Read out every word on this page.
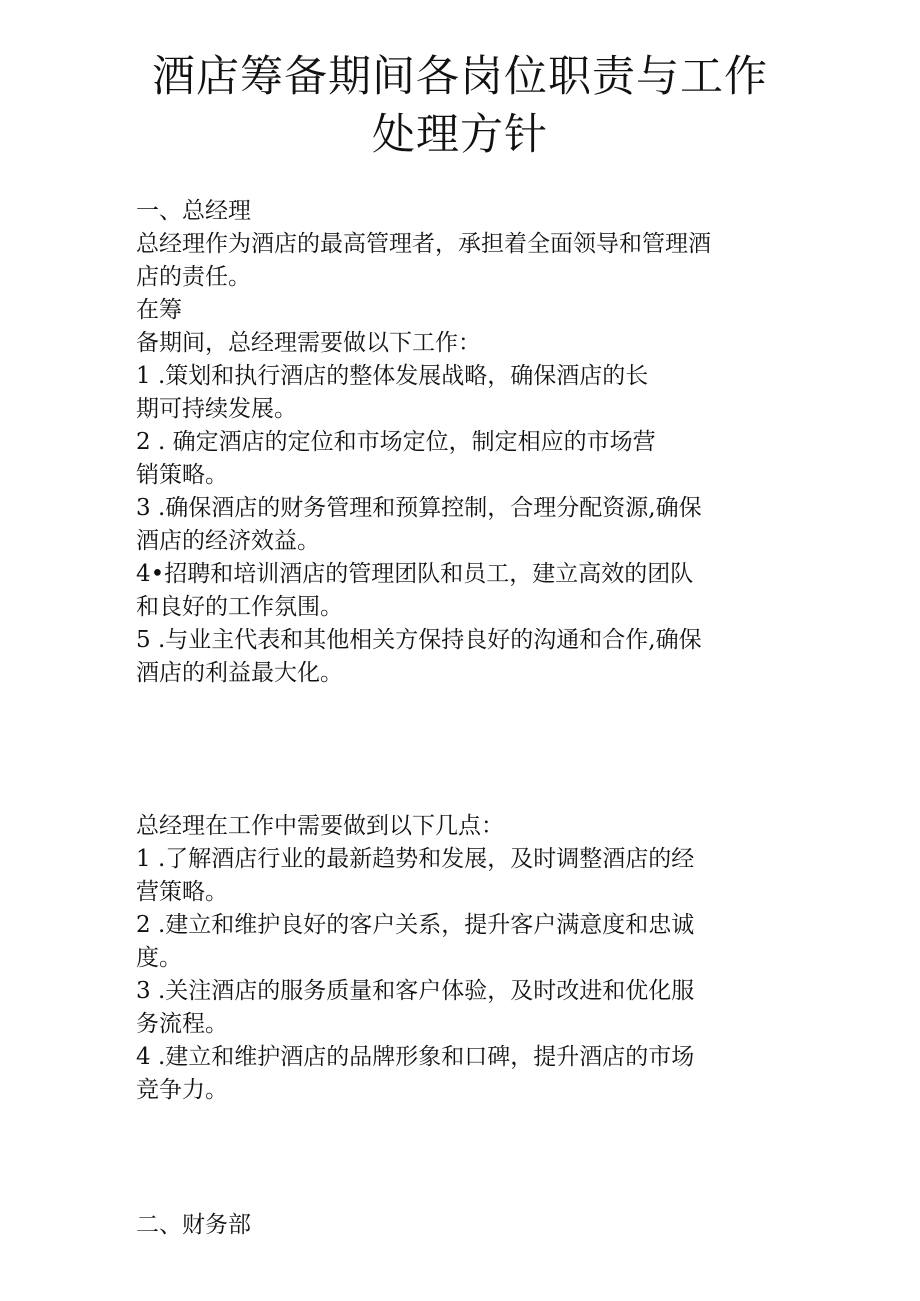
酒店筹备期间各岗位职责与工作
处理方针

一、总经理

总经理作为酒店的最高管理者，承担着全面领导和管理酒

店的责任。

在筹

备期间，总经理需要做以下工作：

1 .策划和执行酒店的整体发展战略，确保酒店的长

期可持续发展。

2 . 确定酒店的定位和市场定位，制定相应的市场营

销策略。

3 .确保酒店的财务管理和预算控制，合理分配资源,确保

酒店的经济效益。

4•招聘和培训酒店的管理团队和员工，建立高效的团队

和良好的工作氛围。

5 .与业主代表和其他相关方保持良好的沟通和合作,确保

酒店的利益最大化。

总经理在工作中需要做到以下几点：

1 .了解酒店行业的最新趋势和发展，及时调整酒店的经

营策略。

2 .建立和维护良好的客户关系，提升客户满意度和忠诚

度。

3 .关注酒店的服务质量和客户体验，及时改进和优化服

务流程。

4 .建立和维护酒店的品牌形象和口碑，提升酒店的市场

竞争力。

二、财务部
